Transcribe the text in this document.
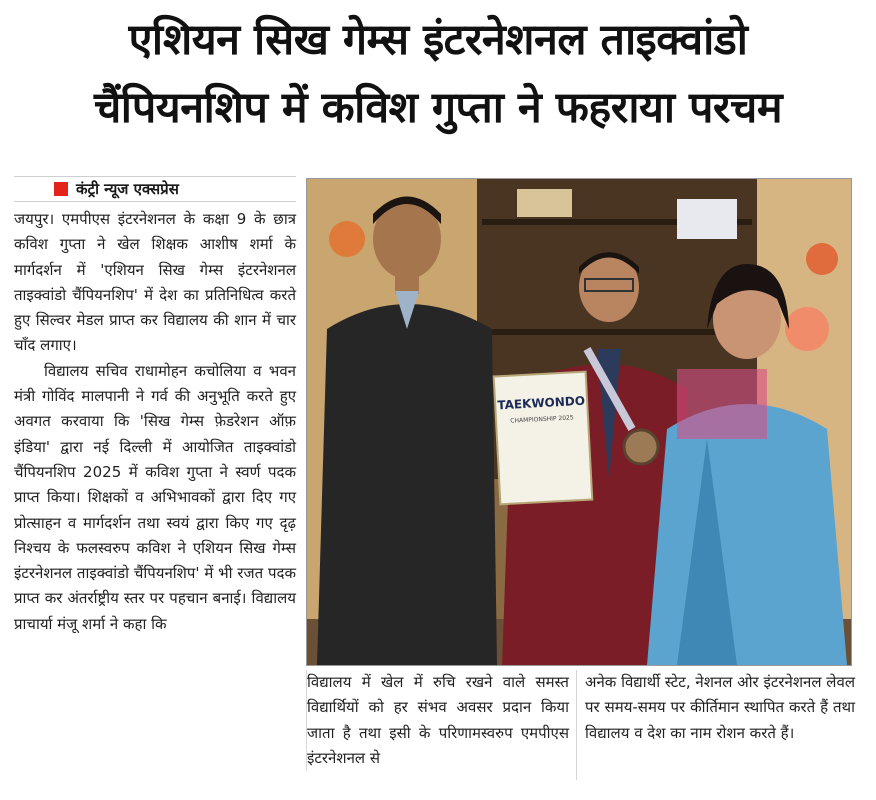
एशियन सिख गेम्स इंटरनेशनल ताइक्वांडो
चैंपियनशिप में कविश गुप्ता ने फहराया परचम
कंट्री न्यूज एक्सप्रेस

जयपुर। एमपीएस इंटरनेशनल के कक्षा 9 के छात्र कविश गुप्ता ने खेल शिक्षक आशीष शर्मा के मार्गदर्शन में 'एशियन सिख गेम्स इंटरनेशनल ताइक्वांडो चैंपियनशिप' में देश का प्रतिनिधित्व करते हुए सिल्वर मेडल प्राप्त कर विद्यालय की शान में चार चाँद लगाए।

विद्यालय सचिव राधामोहन कचोलिया व भवन मंत्री गोविंद मालपानी ने गर्व की अनुभूति करते हुए अवगत करवाया कि 'सिख गेम्स फ़ेडरेशन ऑफ़ इंडिया' द्वारा नई दिल्ली में आयोजित ताइक्वांडो चैंपियनशिप 2025 में कविश गुप्ता ने स्वर्ण पदक प्राप्त किया। शिक्षकों व अभिभावकों द्वारा दिए गए प्रोत्साहन व मार्गदर्शन तथा स्वयं द्वारा किए गए दृढ़ निश्चय के फलस्वरुप कविश ने एशियन सिख गेम्स इंटरनेशनल ताइक्वांडो चैंपियनशिप' में भी रजत पदक प्राप्त कर अंतर्राष्ट्रीय स्तर पर पहचान बनाई। विद्यालय प्राचार्या मंजू शर्मा ने कहा कि

TAEKWONDO
CHAMPIONSHIP 2025

विद्यालय में खेल में रुचि रखने वाले समस्त विद्यार्थियों को हर संभव अवसर प्रदान किया जाता है तथा इसी के परिणामस्वरुप एमपीएस इंटरनेशनल से

अनेक विद्यार्थी स्टेट, नेशनल ओर इंटरनेशनल लेवल पर समय-समय पर कीर्तिमान स्थापित करते हैं तथा विद्यालय व देश का नाम रोशन करते हैं।
